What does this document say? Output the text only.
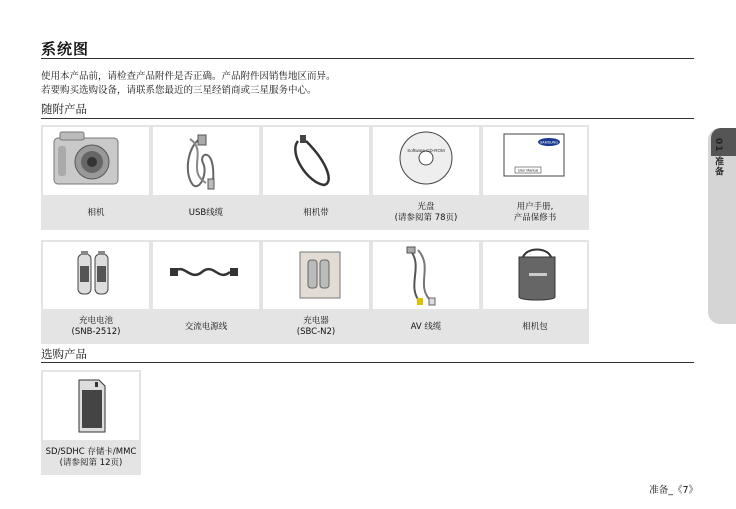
系统图
使用本产品前，请检查产品附件是否正确。产品附件因销售地区而异。
若要购买选购设备，请联系您最近的三星经销商或三星服务中心。
随附产品
相机	USB线缆	相机带
光盘
(请参阅第 78页)
用户手册,
产品保修书
充电电池
(SNB-2512)
交流电源线
充电器
(SBC-N2)
AV 线缆	相机包
选购产品
SD/SDHC 存储卡/MMC
(请参阅第 12页)
Software CD-ROM
SAMSUNG
User Manual	01 准备
准备_《7》
